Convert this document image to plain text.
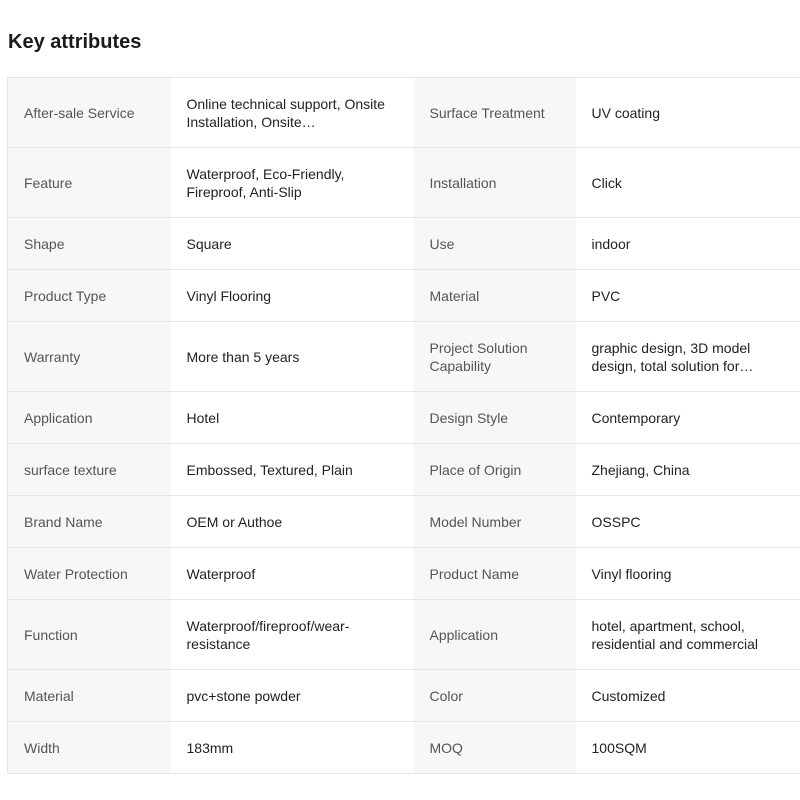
Key attributes
After-sale Service	Online technical support, Onsite Installation, Onsite…	Surface Treatment	UV coating
Feature	Waterproof, Eco-Friendly, Fireproof, Anti-Slip	Installation	Click
Shape	Square	Use	indoor
Product Type	Vinyl Flooring	Material	PVC
Warranty	More than 5 years	Project Solution Capability	graphic design, 3D model design, total solution for…
Application	Hotel	Design Style	Contemporary
surface texture	Embossed, Textured, Plain	Place of Origin	Zhejiang, China
Brand Name	OEM or Authoe	Model Number	OSSPC
Water Protection	Waterproof	Product Name	Vinyl flooring
Function	Waterproof/fireproof/wear-resistance	Application	hotel, apartment, school, residential and commercial
Material	pvc+stone powder	Color	Customized
Width	183mm	MOQ	100SQM
